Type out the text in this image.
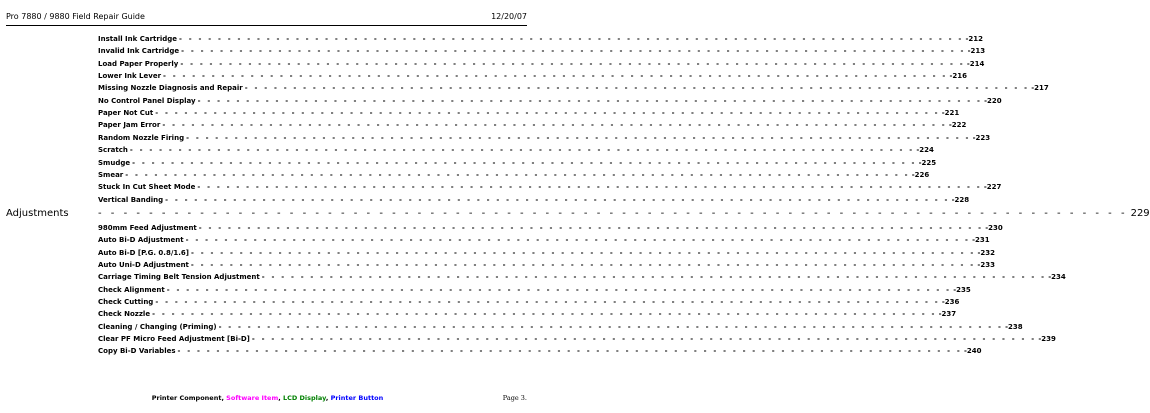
Pro 7880 / 9880 Field Repair Guide	12/20/07
Printer Component, Software Item, LCD Display, Printer Button	Page 3.
Install Ink Cartridge - - - - - - - - - - - - - - - - - - - - - - - - - - - - - - - - - - - - - - - - - - - - - - - - - - - - - - - - - - - - - - - - - - - - - - - - - - - - - - - - - -212
Invalid Ink Cartridge - - - - - - - - - - - - - - - - - - - - - - - - - - - - - - - - - - - - - - - - - - - - - - - - - - - - - - - - - - - - - - - - - - - - - - - - - - - - - - - - - -213
Load Paper Properly - - - - - - - - - - - - - - - - - - - - - - - - - - - - - - - - - - - - - - - - - - - - - - - - - - - - - - - - - - - - - - - - - - - - - - - - - - - - - - - - - -214
Lower Ink Lever - - - - - - - - - - - - - - - - - - - - - - - - - - - - - - - - - - - - - - - - - - - - - - - - - - - - - - - - - - - - - - - - - - - - - - - - - - - - - - - - - -216
Missing Nozzle Diagnosis and Repair - - - - - - - - - - - - - - - - - - - - - - - - - - - - - - - - - - - - - - - - - - - - - - - - - - - - - - - - - - - - - - - - - - - - - - - - - - - - - - - - - -217
No Control Panel Display - - - - - - - - - - - - - - - - - - - - - - - - - - - - - - - - - - - - - - - - - - - - - - - - - - - - - - - - - - - - - - - - - - - - - - - - - - - - - - - - - -220
Paper Not Cut - - - - - - - - - - - - - - - - - - - - - - - - - - - - - - - - - - - - - - - - - - - - - - - - - - - - - - - - - - - - - - - - - - - - - - - - - - - - - - - - - -221
Paper Jam Error - - - - - - - - - - - - - - - - - - - - - - - - - - - - - - - - - - - - - - - - - - - - - - - - - - - - - - - - - - - - - - - - - - - - - - - - - - - - - - - - - -222
Random Nozzle Firing - - - - - - - - - - - - - - - - - - - - - - - - - - - - - - - - - - - - - - - - - - - - - - - - - - - - - - - - - - - - - - - - - - - - - - - - - - - - - - - - - -223
Scratch - - - - - - - - - - - - - - - - - - - - - - - - - - - - - - - - - - - - - - - - - - - - - - - - - - - - - - - - - - - - - - - - - - - - - - - - - - - - - - - - - -224
Smudge - - - - - - - - - - - - - - - - - - - - - - - - - - - - - - - - - - - - - - - - - - - - - - - - - - - - - - - - - - - - - - - - - - - - - - - - - - - - - - - - - -225
Smear - - - - - - - - - - - - - - - - - - - - - - - - - - - - - - - - - - - - - - - - - - - - - - - - - - - - - - - - - - - - - - - - - - - - - - - - - - - - - - - - - -226
Stuck In Cut Sheet Mode - - - - - - - - - - - - - - - - - - - - - - - - - - - - - - - - - - - - - - - - - - - - - - - - - - - - - - - - - - - - - - - - - - - - - - - - - - - - - - - - - -227
Vertical Banding - - - - - - - - - - - - - - - - - - - - - - - - - - - - - - - - - - - - - - - - - - - - - - - - - - - - - - - - - - - - - - - - - - - - - - - - - - - - - - - - - -228
Adjustments	- - - - - - - - - - - - - - - - - - - - - - - - - - - - - - - - - - - - - - - - - - - - - - - - - - - - - - - - - - - - - - - - - - - - - - - - - - - - - - - - - 229
980mm Feed Adjustment - - - - - - - - - - - - - - - - - - - - - - - - - - - - - - - - - - - - - - - - - - - - - - - - - - - - - - - - - - - - - - - - - - - - - - - - - - - - - - - - - -230
Auto Bi-D Adjustment - - - - - - - - - - - - - - - - - - - - - - - - - - - - - - - - - - - - - - - - - - - - - - - - - - - - - - - - - - - - - - - - - - - - - - - - - - - - - - - - - -231
Auto Bi-D [P.G. 0.8/1.6] - - - - - - - - - - - - - - - - - - - - - - - - - - - - - - - - - - - - - - - - - - - - - - - - - - - - - - - - - - - - - - - - - - - - - - - - - - - - - - - - - -232
Auto Uni-D Adjustment - - - - - - - - - - - - - - - - - - - - - - - - - - - - - - - - - - - - - - - - - - - - - - - - - - - - - - - - - - - - - - - - - - - - - - - - - - - - - - - - - -233
Carriage Timing Belt Tension Adjustment - - - - - - - - - - - - - - - - - - - - - - - - - - - - - - - - - - - - - - - - - - - - - - - - - - - - - - - - - - - - - - - - - - - - - - - - - - - - - - - - - -234
Check Alignment - - - - - - - - - - - - - - - - - - - - - - - - - - - - - - - - - - - - - - - - - - - - - - - - - - - - - - - - - - - - - - - - - - - - - - - - - - - - - - - - - -235
Check Cutting - - - - - - - - - - - - - - - - - - - - - - - - - - - - - - - - - - - - - - - - - - - - - - - - - - - - - - - - - - - - - - - - - - - - - - - - - - - - - - - - - -236
Check Nozzle - - - - - - - - - - - - - - - - - - - - - - - - - - - - - - - - - - - - - - - - - - - - - - - - - - - - - - - - - - - - - - - - - - - - - - - - - - - - - - - - - -237
Cleaning / Changing (Priming) - - - - - - - - - - - - - - - - - - - - - - - - - - - - - - - - - - - - - - - - - - - - - - - - - - - - - - - - - - - - - - - - - - - - - - - - - - - - - - - - - -238
Clear PF Micro Feed Adjustment [Bi-D] - - - - - - - - - - - - - - - - - - - - - - - - - - - - - - - - - - - - - - - - - - - - - - - - - - - - - - - - - - - - - - - - - - - - - - - - - - - - - - - - - -239
Copy Bi-D Variables - - - - - - - - - - - - - - - - - - - - - - - - - - - - - - - - - - - - - - - - - - - - - - - - - - - - - - - - - - - - - - - - - - - - - - - - - - - - - - - - - -240
